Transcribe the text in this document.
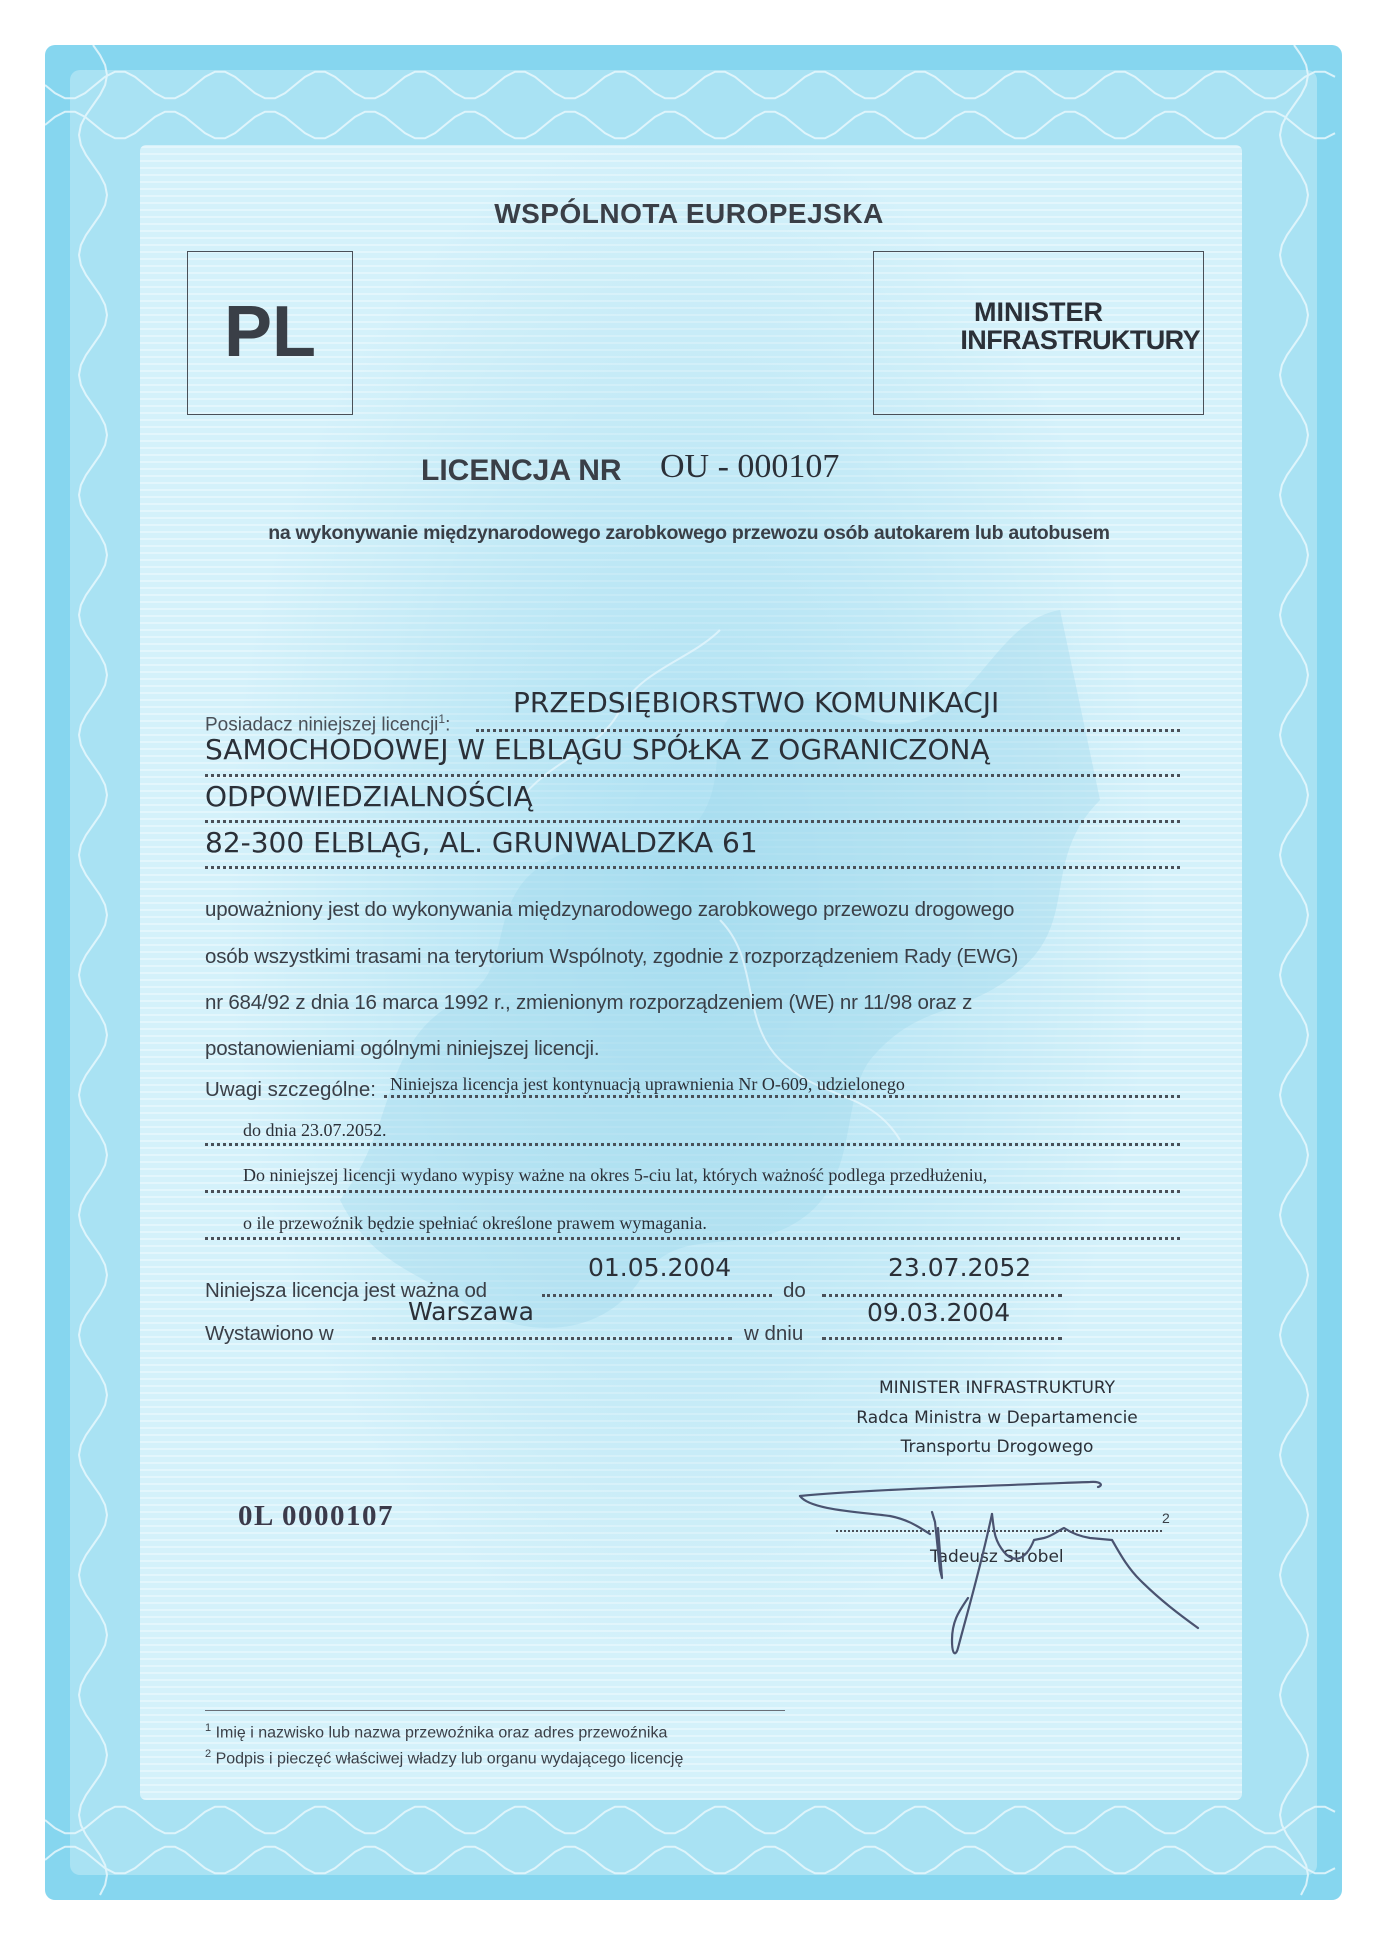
WSPÓLNOTA EUROPEJSKA
PL	MINISTER
INFRASTRUKTURY
LICENCJA NR OU - 000107
na wykonywanie międzynarodowego zarobkowego przewozu osób autokarem lub autobusem
Posiadacz niniejszej licencji$^1$:
PRZEDSIĘBIORSTWO KOMUNIKACJI
SAMOCHODOWEJ W ELBLĄGU SPÓŁKA Z OGRANICZONĄ
ODPOWIEDZIALNOŚCIĄ
82-300 ELBLĄG, AL. GRUNWALDZKA 61
upoważniony jest do wykonywania międzynarodowego zarobkowego przewozu drogowego
osób wszystkimi trasami na terytorium Wspólnoty, zgodnie z rozporządzeniem Rady (EWG)
nr 684/92 z dnia 16 marca 1992 r., zmienionym rozporządzeniem (WE) nr 11/98 oraz z
postanowieniami ogólnymi niniejszej licencji.
Uwagi szczególne: Niniejsza licencja jest kontynuacją uprawnienia Nr O-609, udzielonego
do dnia 23.07.2052.
Do niniejszej licencji wydano wypisy ważne na okres 5-ciu lat, których ważność podlega przedłużeniu,
o ile przewoźnik będzie spełniać określone prawem wymagania.
Niniejsza licencja jest ważna od
01.05.2004
do
23.07.2052
Wystawiono w
Warszawa
w dniu
09.03.2004
MINISTER INFRASTRUKTURY
Radca Ministra w Departamencie
Transportu Drogowego
2
Tadeusz Strobel
0L 0000107
$^1$ Imię i nazwisko lub nazwa przewoźnika oraz adres przewoźnika
$^2$ Podpis i pieczęć właściwej władzy lub organu wydającego licencję
